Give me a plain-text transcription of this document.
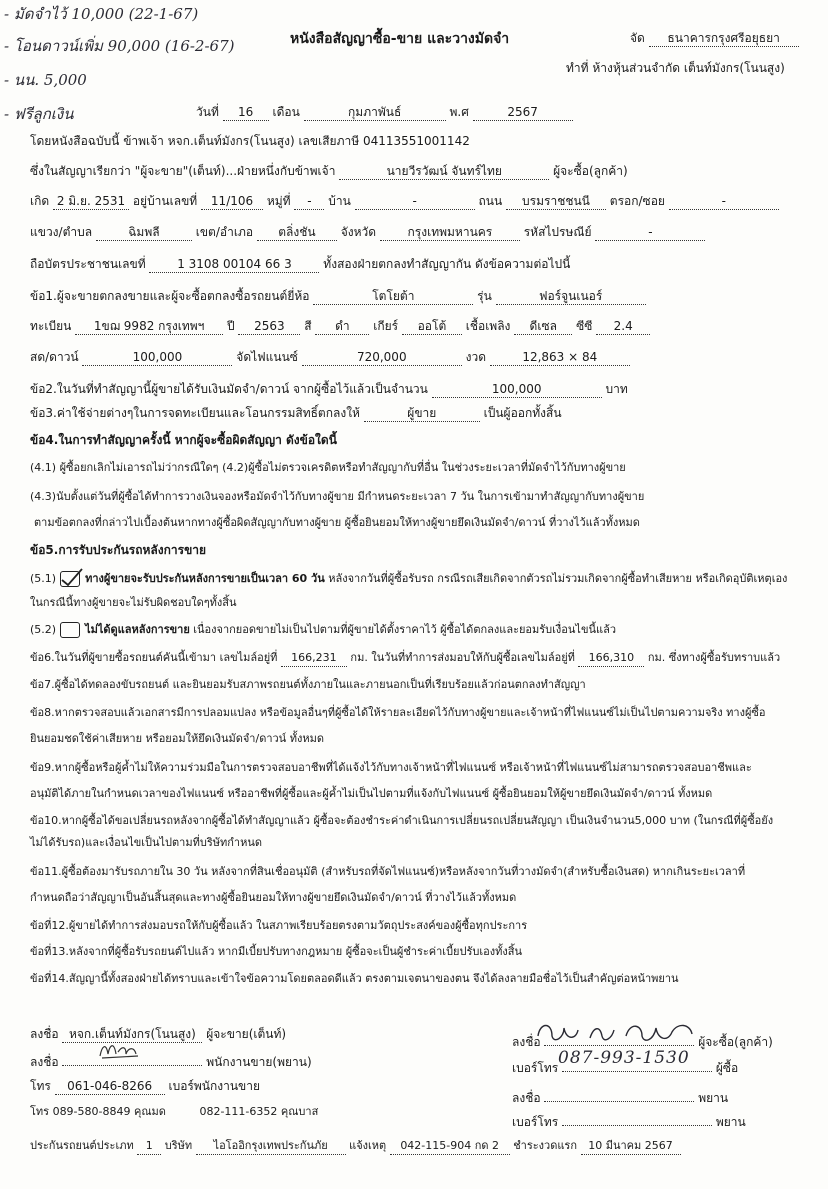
- มัดจำไว้ 10,000 (22-1-67)
- โอนดาวน์เพิ่ม 90,000 (16-2-67)
- นน. 5,000
- ฟรีลูกเงิน
หนังสือสัญญาซื้อ-ขาย และวางมัดจำ	จัด ธนาคารกรุงศรีอยุธยา
ทำที่ ห้างหุ้นส่วนจำกัด เต็นท์มังกร(โนนสูง)
วันที่ 16 เดือน	กุมภาพันธ์	พ.ศ	2567
โดยหนังสือฉบับนี้ ข้าพเจ้า หจก.เต็นท์มังกร(โนนสูง) เลขเสียภาษี 04113551001142
ซึ่งในสัญญาเรียกว่า "ผู้จะขาย"(เต็นท์)...ฝ่ายหนึ่งกับข้าพเจ้า	นายวีรวัฒน์ จันทร์ไทย	ผู้จะซื้อ(ลูกค้า)
เกิด 2 มิ.ย. 2531 อยู่บ้านเลขที่ 11/106 หมู่ที่ - บ้าน	-	ถนน บรมราชชนนี ตรอก/ซอย	-
แขวง/ตำบล	ฉิมพลี	เขต/อำเภอ ตลิ่งชัน จังหวัด	กรุงเทพมหานคร	รหัสไปรษณีย์	-
ถือบัตรประชาชนเลขที่	1 3108 00104 66 3	ทั้งสองฝ่ายตกลงทำสัญญากัน ดังข้อความต่อไปนี้
ข้อ1.ผู้จะขายตกลงขายและผู้จะซื้อตกลงซื้อรถยนต์ยี่ห้อ	โตโยต้า	รุ่น	ฟอร์จูนเนอร์
ทะเบียน 1ขฌ 9982 กรุงเทพฯ ปี 2563 สี ดำ เกียร์ ออโต้ เชื้อเพลิง ดีเซล ซีซี 2.4
สด/ดาวน์	100,000	จัดไฟแนนซ์	720,000	งวด	12,863 × 84
ข้อ2.ในวันที่ทำสัญญานี้ผู้ขายได้รับเงินมัดจำ/ดาวน์ จากผู้ซื้อไว้แล้วเป็นจำนวน	100,000	บาท
ข้อ3.ค่าใช้จ่ายต่างๆในการจดทะเบียนและโอนกรรมสิทธิ์ตกลงให้	ผู้ขาย	เป็นผู้ออกทั้งสิ้น
ข้อ4.ในการทำสัญญาครั้งนี้ หากผู้จะซื้อผิดสัญญา ดังข้อใดนี้
(4.1) ผู้ซื้อยกเลิกไม่เอารถไม่ว่ากรณีใดๆ (4.2)ผู้ซื้อไม่ตรวจเครดิตหรือทำสัญญากับที่อื่น ในช่วงระยะเวลาที่มัดจำไว้กับทางผู้ขาย
(4.3)นับตั้งแต่วันที่ผู้ซื้อได้ทำการวางเงินจองหรือมัดจำไว้กับทางผู้ขาย มีกำหนดระยะเวลา 7 วัน ในการเข้ามาทำสัญญากับทางผู้ขาย
ตามข้อตกลงที่กล่าวไปเบื้องต้นหากทางผู้ซื้อผิดสัญญากับทางผู้ขาย ผู้ซื้อยินยอมให้ทางผู้ขายยึดเงินมัดจำ/ดาวน์ ที่วางไว้แล้วทั้งหมด
ข้อ5.การรับประกันรถหลังการขาย
(5.1)	ทางผู้ขายจะรับประกันหลังการขายเป็นเวลา 60 วัน หลังจากวันที่ผู้ซื้อรับรถ กรณีรถเสียเกิดจากตัวรถไม่รวมเกิดจากผู้ซื้อทำเสียหาย หรือเกิดอุบัติเหตุเอง
ในกรณีนี้ทางผู้ขายจะไม่รับผิดชอบใดๆทั้งสิ้น
(5.2)	ไม่ได้ดูแลหลังการขาย เนื่องจากยอดขายไม่เป็นไปตามที่ผู้ขายได้ตั้งราคาไว้ ผู้ซื้อได้ตกลงและยอมรับเงื่อนไขนี้แล้ว
ข้อ6.ในวันที่ผู้ขายซื้อรถยนต์คันนี้เข้ามา เลขไมล์อยู่ที่ 166,231 กม. ในวันที่ทำการส่งมอบให้กับผู้ซื้อเลขไมล์อยู่ที่ 166,310 กม. ซึ่งทางผู้ซื้อรับทราบแล้ว
ข้อ7.ผู้ซื้อได้ทดลองขับรถยนต์ และยินยอมรับสภาพรถยนต์ทั้งภายในและภายนอกเป็นที่เรียบร้อยแล้วก่อนตกลงทำสัญญา
ข้อ8.หากตรวจสอบแล้วเอกสารมีการปลอมแปลง หรือข้อมูลอื่นๆที่ผู้ซื้อได้ให้รายละเอียดไว้กับทางผู้ขายและเจ้าหน้าที่ไฟแนนซ์ไม่เป็นไปตามความจริง ทางผู้ซื้อ
ยินยอมชดใช้ค่าเสียหาย หรือยอมให้ยึดเงินมัดจำ/ดาวน์ ทั้งหมด
ข้อ9.หากผู้ซื้อหรือผู้ค้ำไม่ให้ความร่วมมือในการตรวจสอบอาชีพที่ได้แจ้งไว้กับทางเจ้าหน้าที่ไฟแนนซ์ หรือเจ้าหน้าที่ไฟแนนซ์ไม่สามารถตรวจสอบอาชีพและ
อนุมัติได้ภายในกำหนดเวลาของไฟแนนซ์ หรืออาชีพที่ผู้ซื้อและผู้ค้ำไม่เป็นไปตามที่แจ้งกับไฟแนนซ์ ผู้ซื้อยินยอมให้ผู้ขายยึดเงินมัดจำ/ดาวน์ ทั้งหมด
ข้อ10.หากผู้ซื้อได้ขอเปลี่ยนรถหลังจากผู้ซื้อได้ทำสัญญาแล้ว ผู้ซื้อจะต้องชำระค่าดำเนินการเปลี่ยนรถเปลี่ยนสัญญา เป็นเงินจำนวน5,000 บาท (ในกรณีที่ผู้ซื้อยัง
ไม่ได้รับรถ)และเงื่อนไขเป็นไปตามที่บริษัทกำหนด
ข้อ11.ผู้ซื้อต้องมารับรถภายใน 30 วัน หลังจากที่สินเชื่ออนุมัติ (สำหรับรถที่จัดไฟแนนซ์)หรือหลังจากวันที่วางมัดจำ(สำหรับซื้อเงินสด) หากเกินระยะเวลาที่
กำหนดถือว่าสัญญาเป็นอันสิ้นสุดและทางผู้ซื้อยินยอมให้ทางผู้ขายยึดเงินมัดจำ/ดาวน์ ที่วางไว้แล้วทั้งหมด
ข้อที่12.ผู้ขายได้ทำการส่งมอบรถให้กับผู้ซื้อแล้ว ในสภาพเรียบร้อยตรงตามวัตถุประสงค์ของผู้ซื้อทุกประการ
ข้อที่13.หลังจากที่ผู้ซื้อรับรถยนต์ไปแล้ว หากมีเบี้ยปรับทางกฎหมาย ผู้ซื้อจะเป็นผู้ชำระค่าเบี้ยปรับเองทั้งสิ้น
ข้อที่14.สัญญานี้ทั้งสองฝ่ายได้ทราบและเข้าใจข้อความโดยตลอดดีแล้ว ตรงตามเจตนาของตน จึงได้ลงลายมือชื่อไว้เป็นสำคัญต่อหน้าพยาน
ลงชื่อ หจก.เต็นท์มังกร(โนนสูง) ผู้จะขาย(เต็นท์)
ลงชื่อ	พนักงานขาย(พยาน)
โทร 061-046-8266 เบอร์พนักงานขาย
โทร 089-580-8849 คุณมด	082-111-6352 คุณบาส
ลงชื่อ	ผู้จะซื้อ(ลูกค้า)
เบอร์โทร	ผู้ซื้อ
087-993-1530
ลงชื่อ	พยาน
เบอร์โทร	พยาน
ประกันรถยนต์ประเภท 1 บริษัท ไอโออิกรุงเทพประกันภัย แจ้งเหตุ 042-115-904 กด 2 ชำระงวดแรก 10 มีนาคม 2567
